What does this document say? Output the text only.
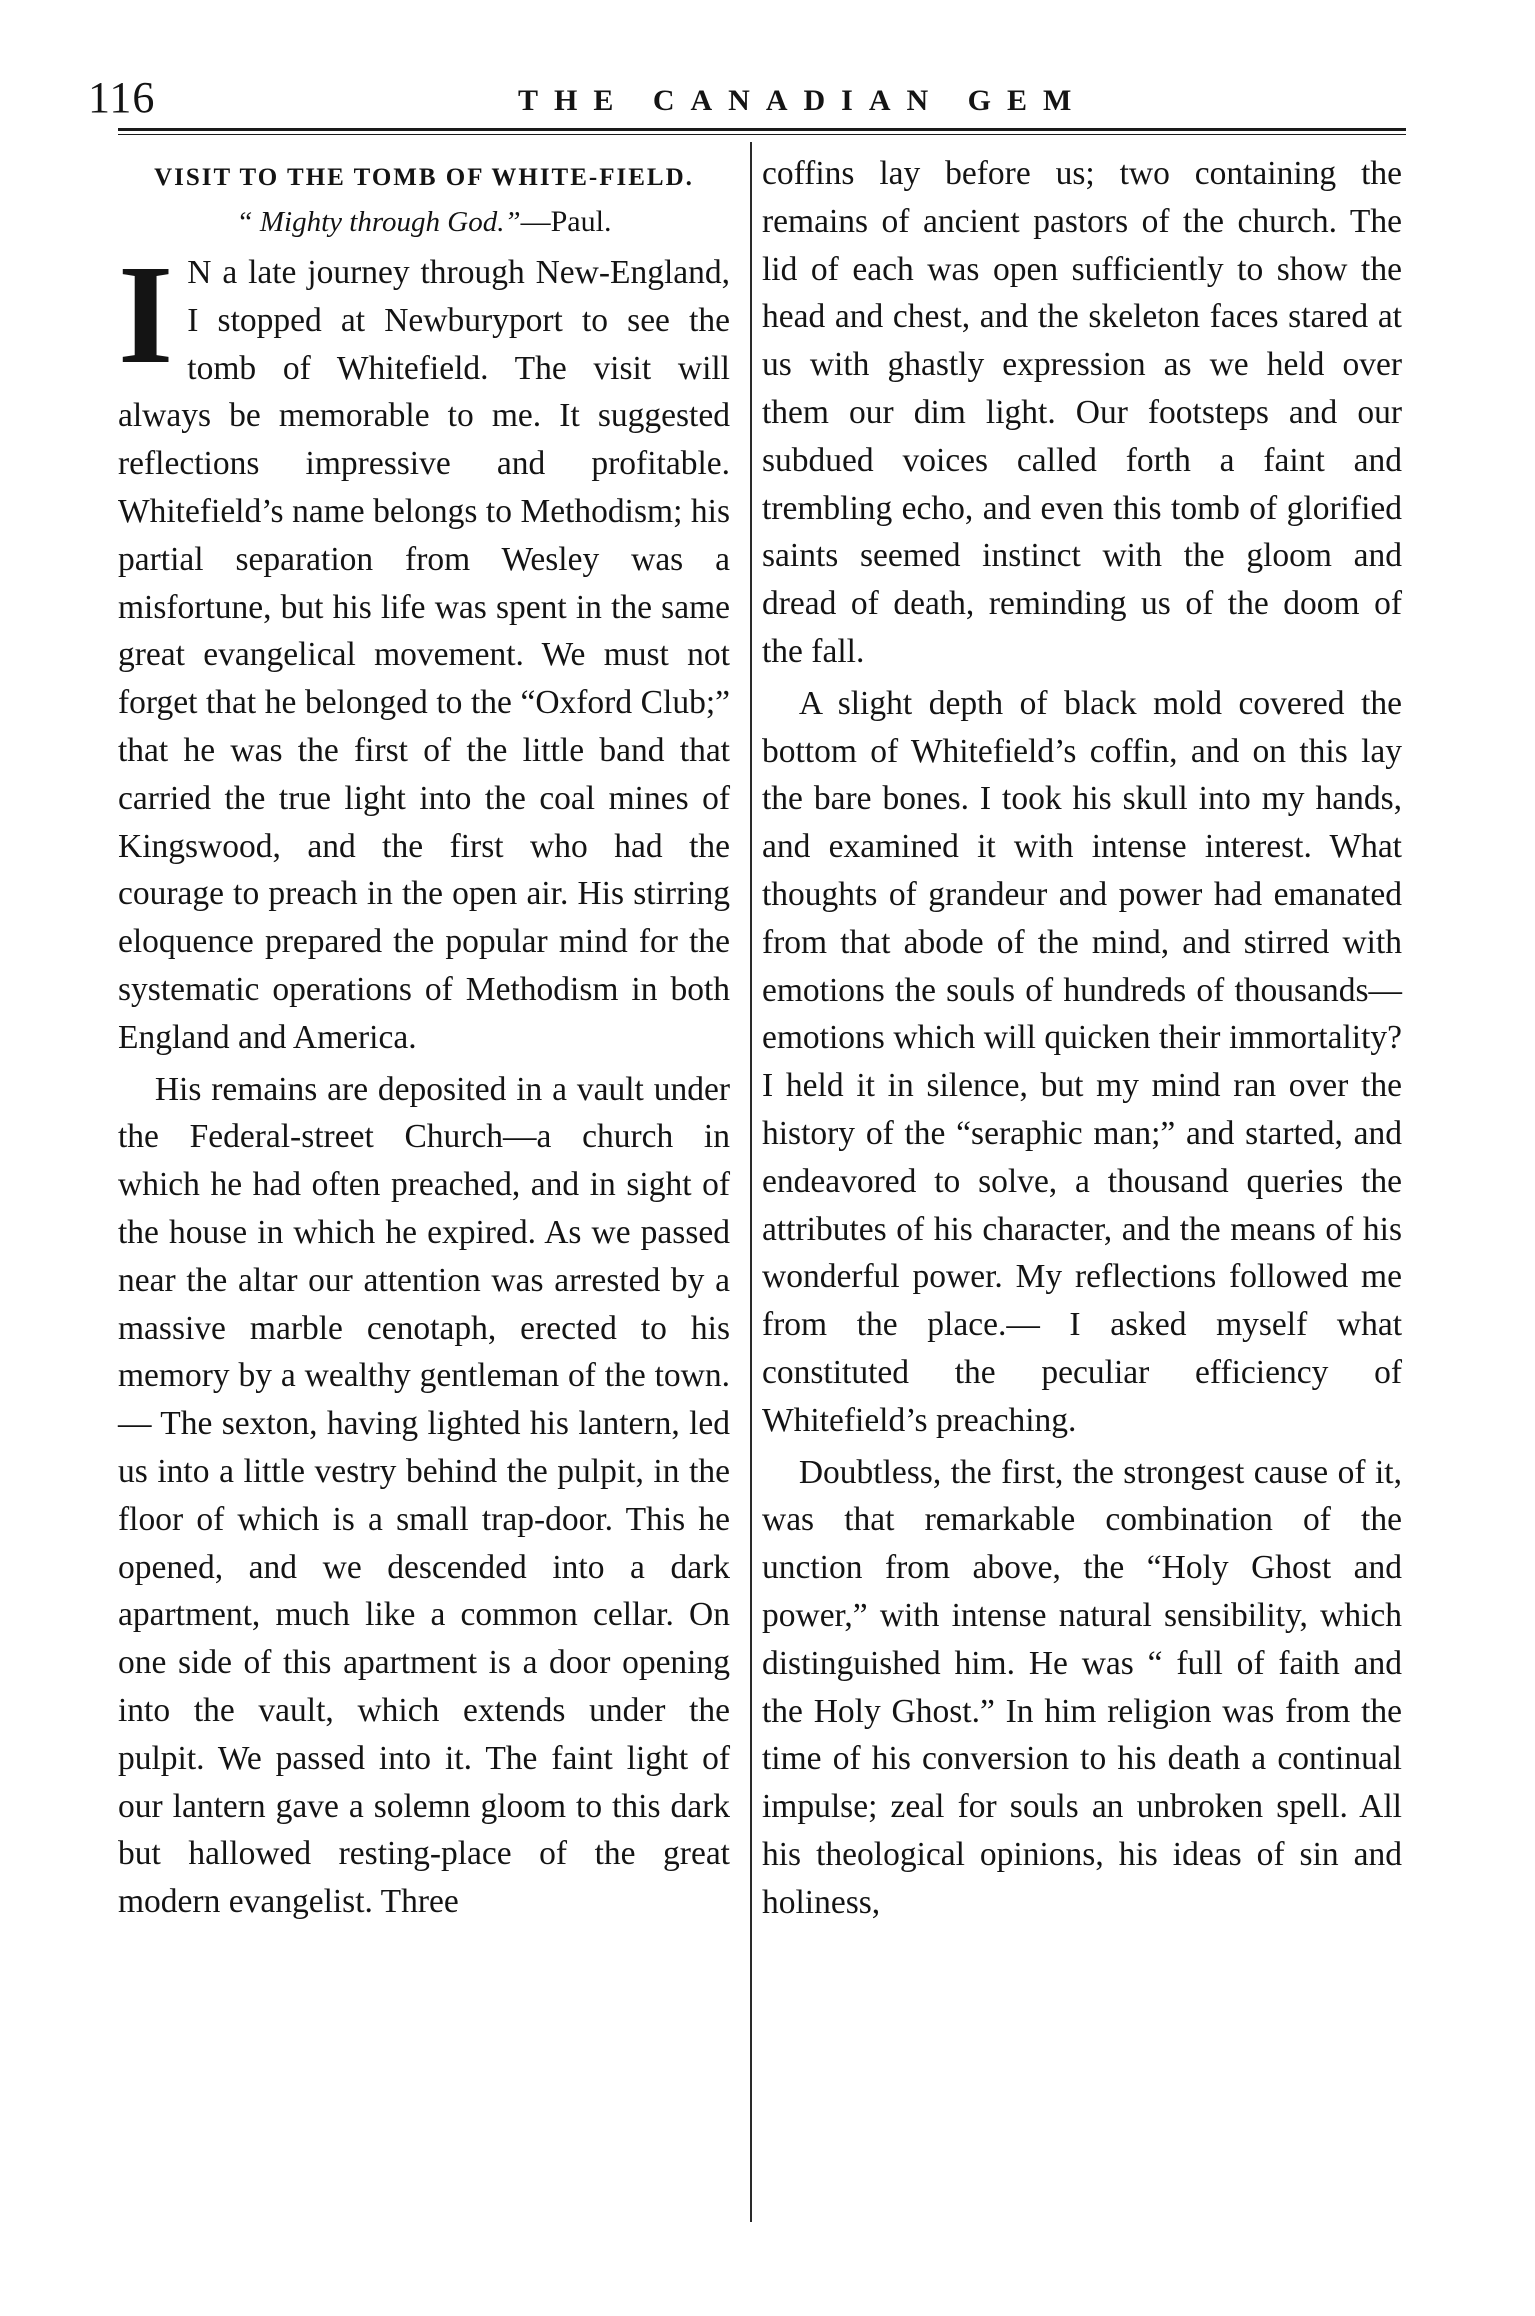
116	THE CANADIAN GEM
VISIT TO THE TOMB OF WHITE-FIELD.
“ Mighty through God.”—Paul.

I N a late journey through New-England, I stopped at Newburyport to see the tomb of Whitefield. The visit will always be memorable to me. It suggested reflections impressive and profitable. Whitefield’s name belongs to Methodism; his partial separation from Wesley was a misfortune, but his life was spent in the same great evangelical movement. We must not forget that he belonged to the “Oxford Club;” that he was the first of the little band that carried the true light into the coal mines of Kingswood, and the first who had the courage to preach in the open air. His stirring eloquence prepared the popular mind for the systematic operations of Methodism in both England and America.

His remains are deposited in a vault under the Federal-street Church—a church in which he had often preached, and in sight of the house in which he expired. As we passed near the altar our attention was arrested by a massive marble cenotaph, erected to his memory by a wealthy gentleman of the town.— The sexton, having lighted his lantern, led us into a little vestry behind the pulpit, in the floor of which is a small trap-door. This he opened, and we descended into a dark apartment, much like a common cellar. On one side of this apartment is a door opening into the vault, which extends under the pulpit. We passed into it. The faint light of our lantern gave a solemn gloom to this dark but hallowed resting-place of the great modern evangelist. Three

coffins lay before us; two containing the remains of ancient pastors of the church. The lid of each was open sufficiently to show the head and chest, and the skeleton faces stared at us with ghastly expression as we held over them our dim light. Our footsteps and our subdued voices called forth a faint and trembling echo, and even this tomb of glorified saints seemed instinct with the gloom and dread of death, reminding us of the doom of the fall.

A slight depth of black mold covered the bottom of Whitefield’s coffin, and on this lay the bare bones. I took his skull into my hands, and examined it with intense interest. What thoughts of grandeur and power had emanated from that abode of the mind, and stirred with emotions the souls of hundreds of thousands— emotions which will quicken their immortality? I held it in silence, but my mind ran over the history of the “seraphic man;” and started, and endeavored to solve, a thousand queries the attributes of his character, and the means of his wonderful power. My reflections followed me from the place.— I asked myself what constituted the peculiar efficiency of Whitefield’s preaching.

Doubtless, the first, the strongest cause of it, was that remarkable combination of the unction from above, the “Holy Ghost and power,” with intense natural sensibility, which distinguished him. He was “ full of faith and the Holy Ghost.” In him religion was from the time of his conversion to his death a continual impulse; zeal for souls an unbroken spell. All his theological opinions, his ideas of sin and holiness,
